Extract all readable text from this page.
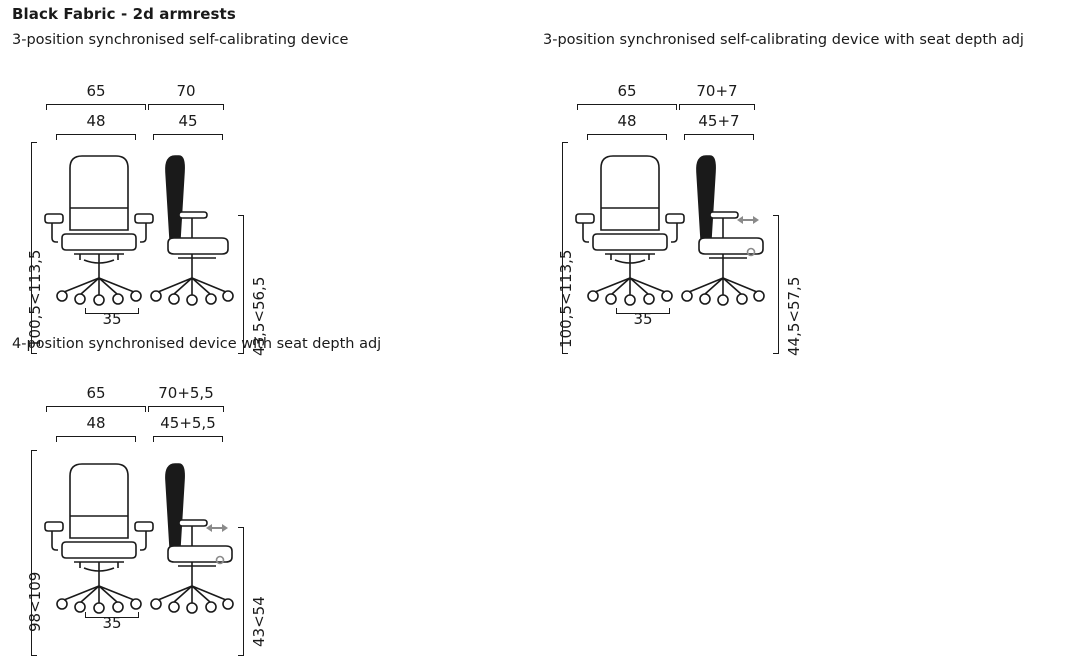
Black Fabric - 2d armrests
3-position synchronised self-calibrating device	3-position synchronised self-calibrating device with seat depth adj
4-position synchronised device with seat depth adj
65	70
48	45
100,5<113,5	43,5<56,5
35
65	70+7
48	45+7
100,5<113,5	44,5<57,5
35
65	70+5,5
48	45+5,5
98<109	43<54
35
